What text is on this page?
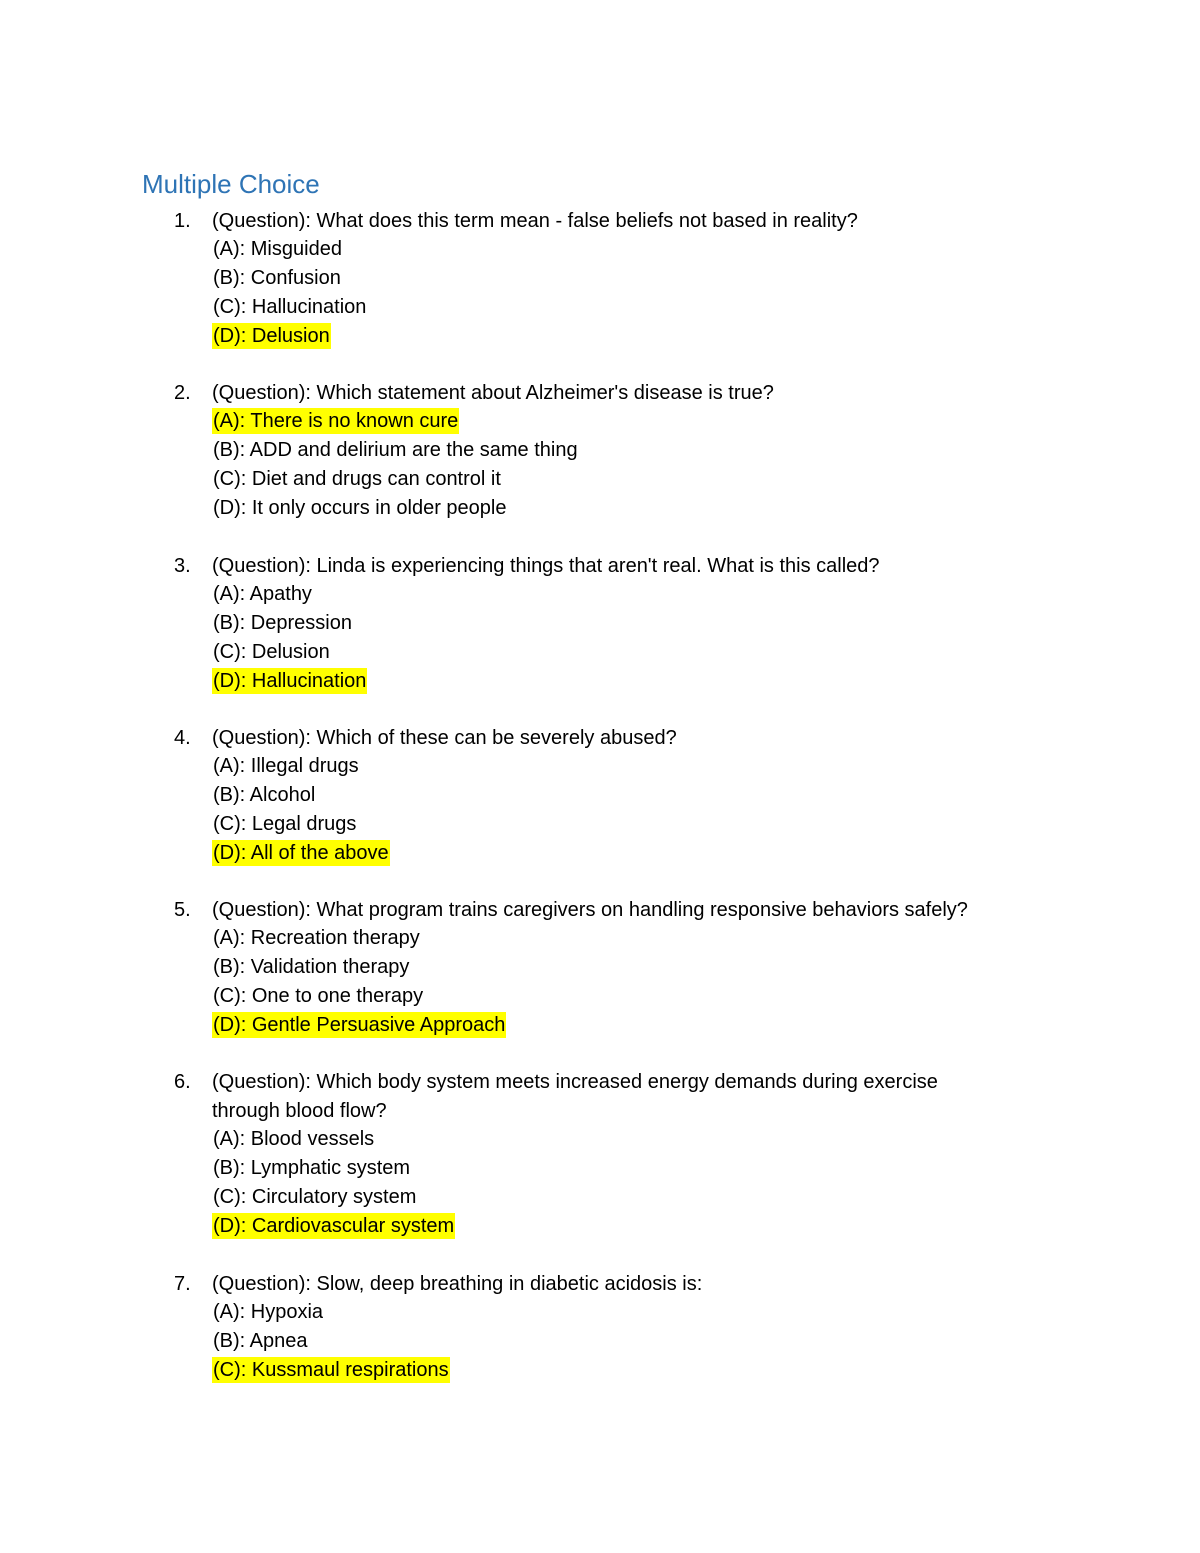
Multiple Choice
1. (Question): What does this term mean - false beliefs not based in reality?
(A): Misguided
(B): Confusion
(C): Hallucination
(D): Delusion
2. (Question): Which statement about Alzheimer's disease is true?
(A): There is no known cure
(B): ADD and delirium are the same thing
(C): Diet and drugs can control it
(D): It only occurs in older people
3. (Question): Linda is experiencing things that aren't real. What is this called?
(A): Apathy
(B): Depression
(C): Delusion
(D): Hallucination
4. (Question): Which of these can be severely abused?
(A): Illegal drugs
(B): Alcohol
(C): Legal drugs
(D): All of the above
5. (Question): What program trains caregivers on handling responsive behaviors safely?
(A): Recreation therapy
(B): Validation therapy
(C): One to one therapy
(D): Gentle Persuasive Approach
6. (Question): Which body system meets increased energy demands during exercise
through blood flow?
(A): Blood vessels
(B): Lymphatic system
(C): Circulatory system
(D): Cardiovascular system
7. (Question): Slow, deep breathing in diabetic acidosis is:
(A): Hypoxia
(B): Apnea
(C): Kussmaul respirations
